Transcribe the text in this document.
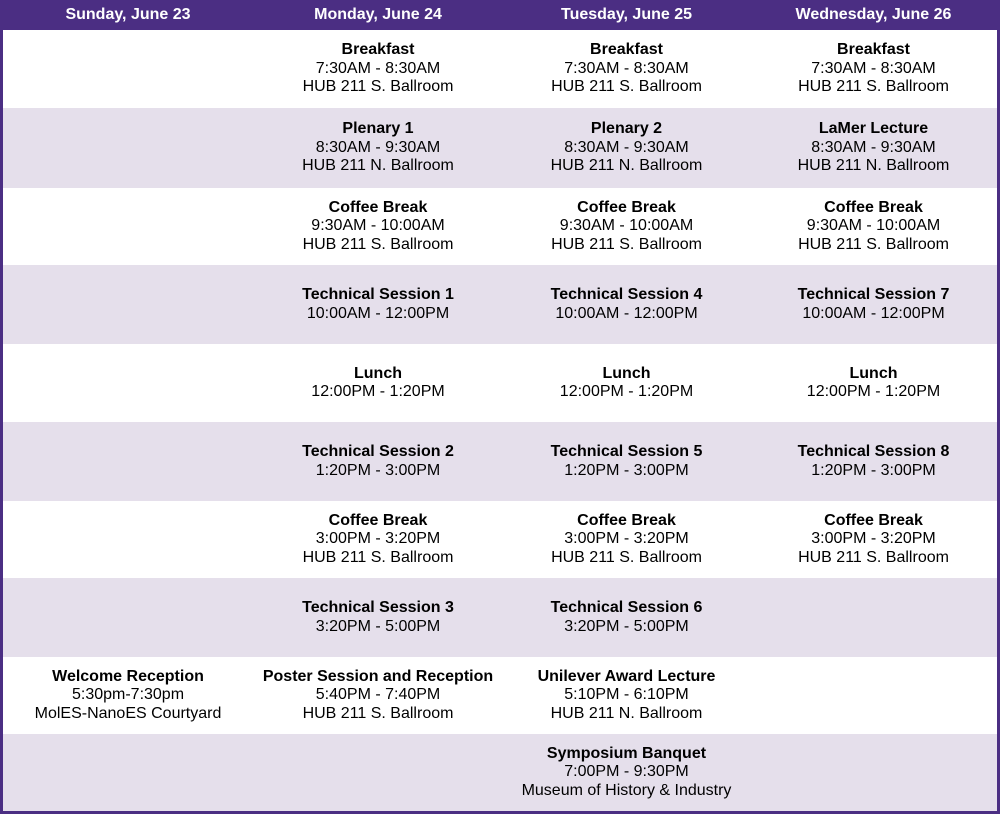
Sunday, June 23	Monday, June 24	Tuesday, June 25	Wednesday, June 26

	Breakfast
7:30AM - 8:30AM
HUB 211 S. Ballroom	Breakfast
7:30AM - 8:30AM
HUB 211 S. Ballroom	Breakfast
7:30AM - 8:30AM
HUB 211 S. Ballroom

	Plenary 1
8:30AM - 9:30AM
HUB 211 N. Ballroom	Plenary 2
8:30AM - 9:30AM
HUB 211 N. Ballroom	LaMer Lecture
8:30AM - 9:30AM
HUB 211 N. Ballroom

	Coffee Break
9:30AM - 10:00AM
HUB 211 S. Ballroom	Coffee Break
9:30AM - 10:00AM
HUB 211 S. Ballroom	Coffee Break
9:30AM - 10:00AM
HUB 211 S. Ballroom

	Technical Session 1
10:00AM - 12:00PM	Technical Session 4
10:00AM - 12:00PM	Technical Session 7
10:00AM - 12:00PM

	Lunch
12:00PM - 1:20PM	Lunch
12:00PM - 1:20PM	Lunch
12:00PM - 1:20PM

	Technical Session 2
1:20PM - 3:00PM	Technical Session 5
1:20PM - 3:00PM	Technical Session 8
1:20PM - 3:00PM

	Coffee Break
3:00PM - 3:20PM
HUB 211 S. Ballroom	Coffee Break
3:00PM - 3:20PM
HUB 211 S. Ballroom	Coffee Break
3:00PM - 3:20PM
HUB 211 S. Ballroom

	Technical Session 3
3:20PM - 5:00PM	Technical Session 6
3:20PM - 5:00PM	

Welcome Reception
5:30pm-7:30pm
MolES-NanoES Courtyard	Poster Session and Reception
5:40PM - 7:40PM
HUB 211 S. Ballroom	Unilever Award Lecture
5:10PM - 6:10PM
HUB 211 N. Ballroom	

		Symposium Banquet
7:00PM - 9:30PM
Museum of History & Industry	
